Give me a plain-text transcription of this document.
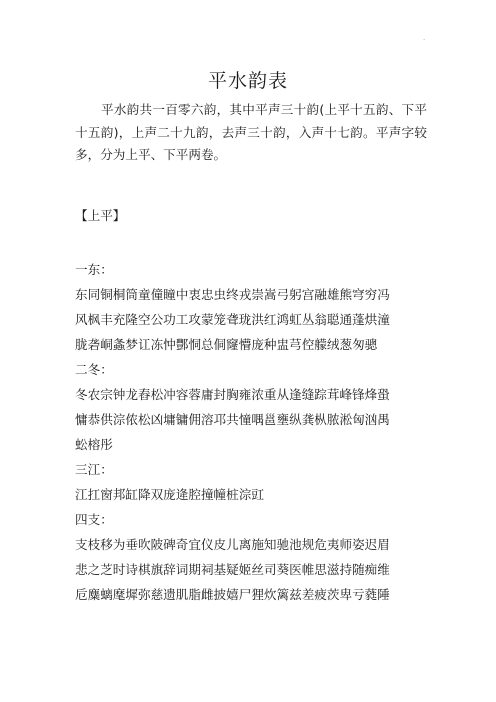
·
平水韵表
平水韵共一百零六韵，其中平声三十韵(上平十五韵、下平十五韵)，上声二十九韵，去声三十韵，入声十七韵。平声字较多，分为上平、下平两卷。
【上平】
一东：
东同铜桐筒童僮瞳中衷忠虫终戎崇嵩弓躬宫融雄熊穹穷冯
风枫丰充隆空公功工攻蒙笼聋珑洪红鸿虹丛翁聪通蓬烘潼
胧砻峒螽梦讧冻忡酆恫总侗窿懵庞种盅芎倥艨绒葱匆骢
二冬：
冬农宗钟龙舂松冲容蓉庸封胸雍浓重从逢缝踪茸峰锋烽蛩
慵恭供淙侬松凶墉镛佣溶邛共憧喁邕壅纵龚枞脓淞匈汹禺
蚣榕彤
三江：
江扛窗邦缸降双庞逄腔撞幢桩淙豇
四支：
支枝移为垂吹陂碑奇宜仪皮儿离施知驰池规危夷师姿迟眉
悲之芝时诗棋旗辞词期祠基疑姬丝司葵医帷思滋持随痴维
卮麋螭麾墀弥慈遗肌脂雌披嬉尸狸炊篱兹差疲茨卑亏蕤陲
